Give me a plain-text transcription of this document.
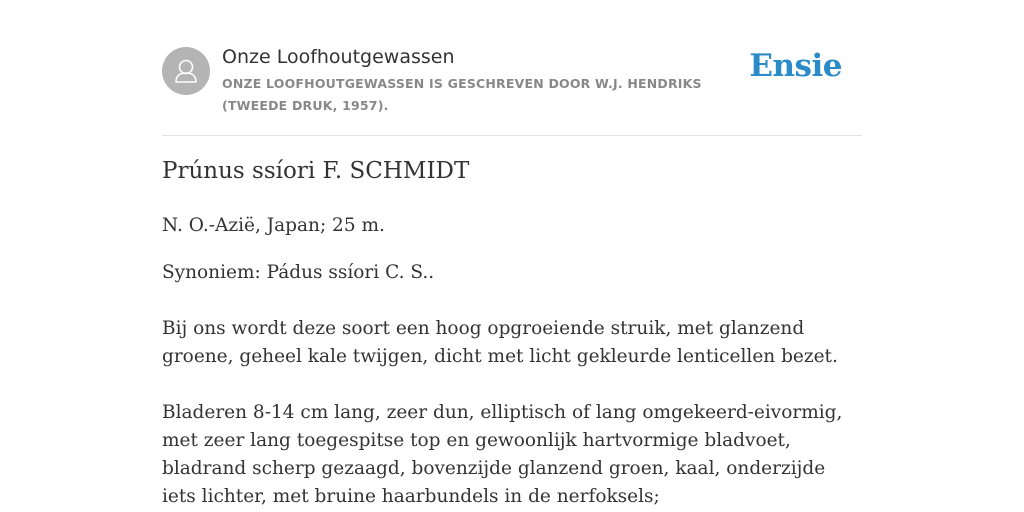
Onze Loofhoutgewassen
ONZE LOOFHOUTGEWASSEN IS GESCHREVEN DOOR W.J. HENDRIKS (TWEEDE DRUK, 1957).
Ensie
Prúnus ssíori F. SCHMIDT

N. O.-Azië, Japan; 25 m.

Synoniem: Pádus ssíori C. S..

Bij ons wordt deze soort een hoog opgroeiende struik, met glanzend groene, geheel kale twijgen, dicht met licht gekleurde lenticellen bezet.

Bladeren 8-14 cm lang, zeer dun, elliptisch of lang omgekeerd-eivormig, met zeer lang toegespitse top en gewoonlijk hartvormige bladvoet, bladrand scherp gezaagd, bovenzijde glanzend groen, kaal, onderzijde iets lichter, met bruine haarbundels in de nerfoksels;
